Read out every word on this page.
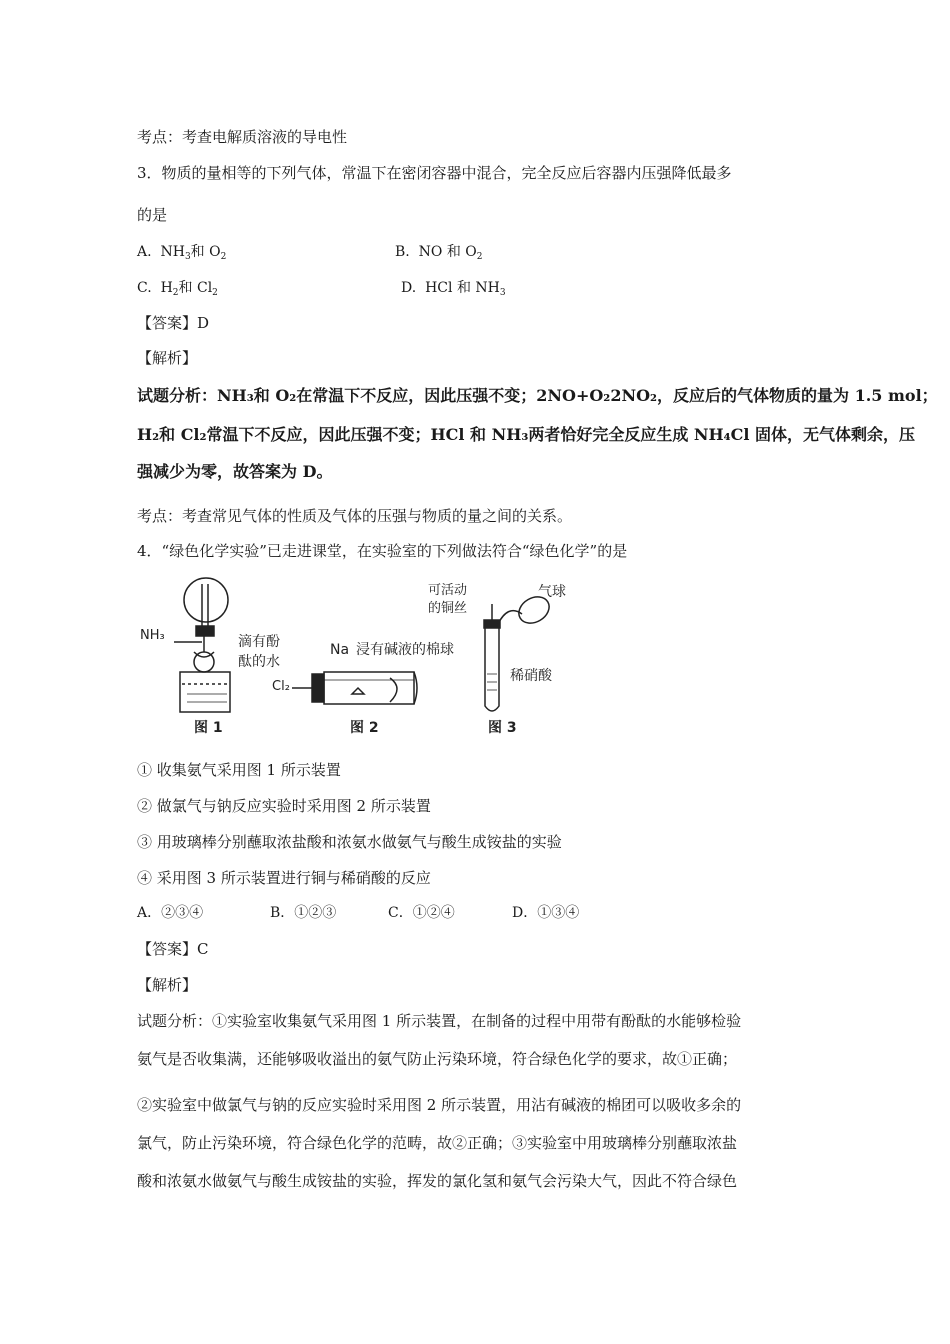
考点：考查电解质溶液的导电性
3．物质的量相等的下列气体，常温下在密闭容器中混合，完全反应后容器内压强降低最多
的是
A. $NH_3$和 $O_2$	B. NO 和 $O_2$
C. $H_2$和 $Cl_2$	D. HCl 和 $NH_3$
【答案】D
【解析】
试题分析：NH₃和 O₂在常温下不反应，因此压强不变；2NO+O₂2NO₂，反应后的气体物质的量为 1.5 mol；
H₂和 Cl₂常温下不反应，因此压强不变；HCl 和 NH₃两者恰好完全反应生成 NH₄Cl 固体，无气体剩余，压
强减少为零，故答案为 D。
考点：考查常见气体的性质及气体的压强与物质的量之间的关系。
4．“绿色化学实验”已走进课堂，在实验室的下列做法符合“绿色化学”的是
NH₃	滴有酚
酞的水
图 1
Cl₂
Na 浸有碱液的棉球
图 2
可活动
的铜丝
气球
稀硝酸
图 3
① 收集氨气采用图 1 所示装置
② 做氯气与钠反应实验时采用图 2 所示装置
③ 用玻璃棒分别蘸取浓盐酸和浓氨水做氨气与酸生成铵盐的实验
④ 采用图 3 所示装置进行铜与稀硝酸的反应
A．②③④	B．①②③	C．①②④	D．①③④
【答案】C
【解析】
试题分析：①实验室收集氨气采用图 1 所示装置，在制备的过程中用带有酚酞的水能够检验
氨气是否收集满，还能够吸收溢出的氨气防止污染环境，符合绿色化学的要求，故①正确；
②实验室中做氯气与钠的反应实验时采用图 2 所示装置，用沾有碱液的棉团可以吸收多余的
氯气，防止污染环境，符合绿色化学的范畴，故②正确；③实验室中用玻璃棒分别蘸取浓盐
酸和浓氨水做氨气与酸生成铵盐的实验，挥发的氯化氢和氨气会污染大气，因此不符合绿色
